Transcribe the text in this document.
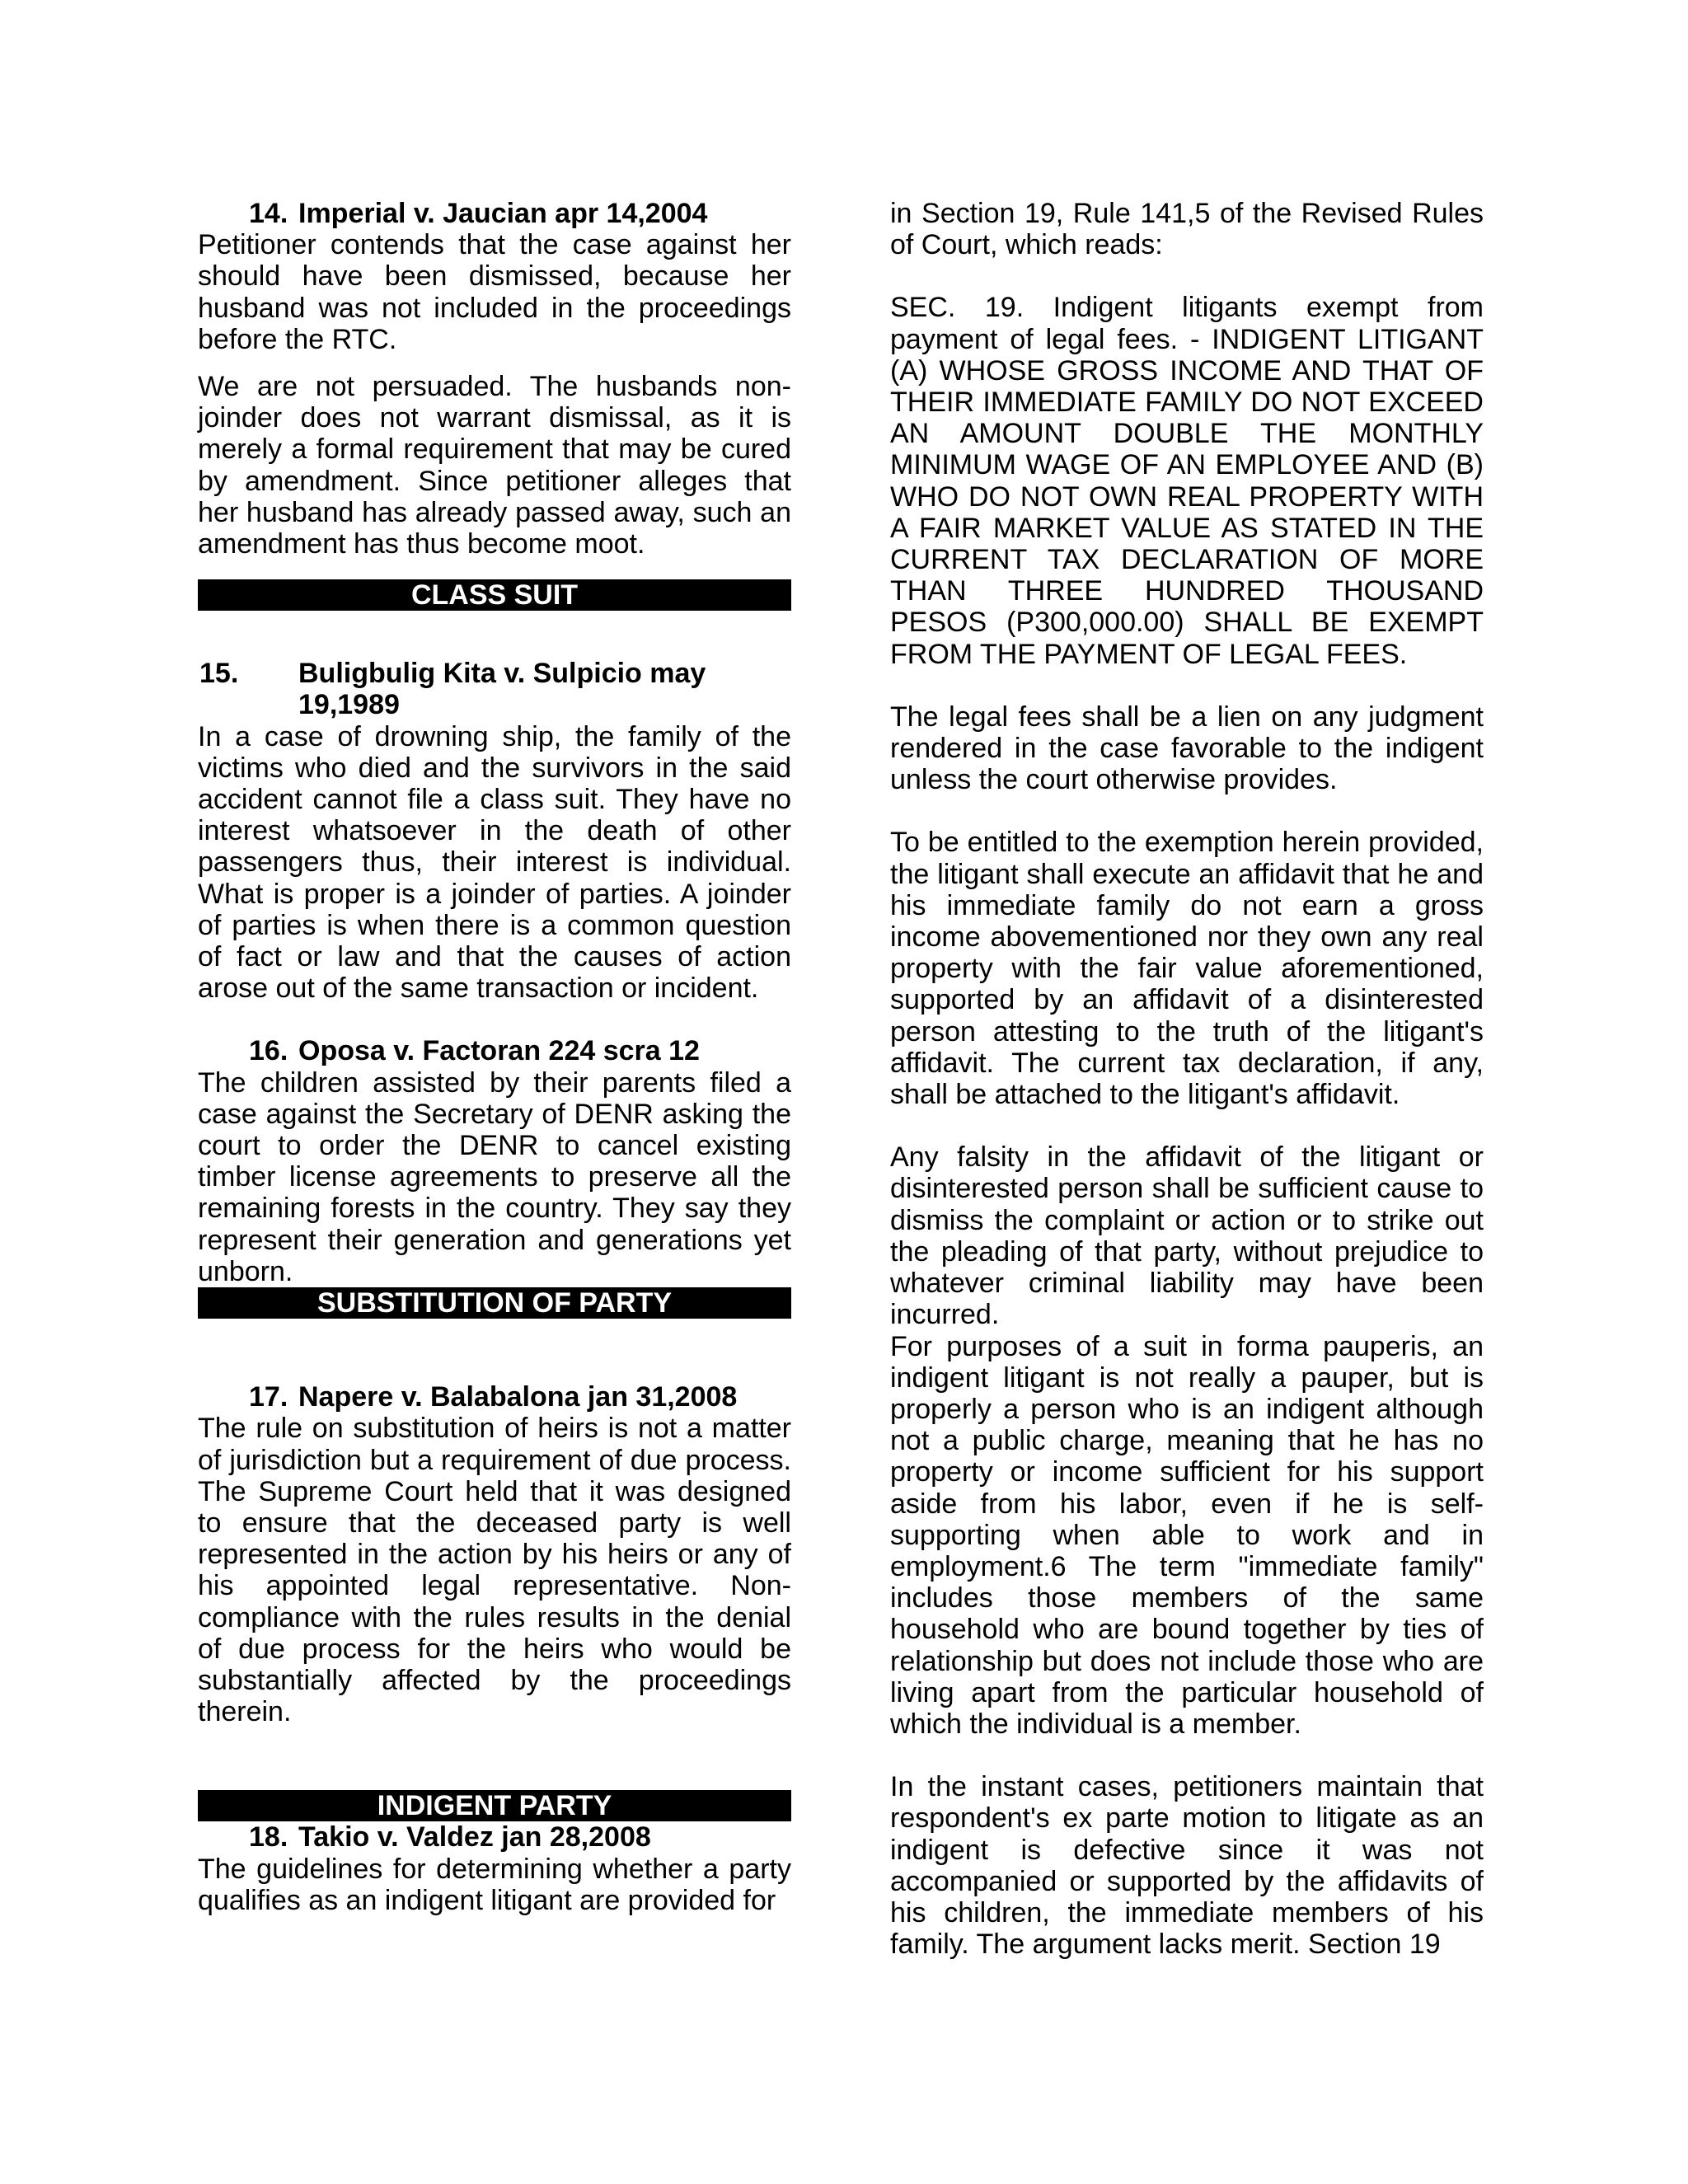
14. Imperial v. Jaucian apr 14,2004

Petitioner contends that the case against her should have been dismissed, because her husband was not included in the proceedings before the RTC.

We are not persuaded. The husbands non-joinder does not warrant dismissal, as it is merely a formal requirement that may be cured by amendment. Since petitioner alleges that her husband has already passed away, such an amendment has thus become moot.

CLASS SUIT
15. Buligbulig Kita v. Sulpicio may 19,1989

In a case of drowning ship, the family of the victims who died and the survivors in the said accident cannot file a class suit. They have no interest whatsoever in the death of other passengers thus, their interest is individual. What is proper is a joinder of parties. A joinder of parties is when there is a common question of fact or law and that the causes of action arose out of the same transaction or incident.

16. Oposa v. Factoran 224 scra 12

The children assisted by their parents filed a case against the Secretary of DENR asking the court to order the DENR to cancel existing timber license agreements to preserve all the remaining forests in the country. They say they represent their generation and generations yet unborn.

SUBSTITUTION OF PARTY
17. Napere v. Balabalona jan 31,2008

The rule on substitution of heirs is not a matter of jurisdiction but a requirement of due process. The Supreme Court held that it was designed to ensure that the deceased party is well represented in the action by his heirs or any of his appointed legal representative. Non-compliance with the rules results in the denial of due process for the heirs who would be substantially affected by the proceedings therein.

INDIGENT PARTY
18. Takio v. Valdez jan 28,2008

The guidelines for determining whether a party qualifies as an indigent litigant are provided for

in Section 19, Rule 141,5 of the Revised Rules of Court, which reads:

SEC. 19. Indigent litigants exempt from payment of legal fees. - INDIGENT LITIGANT (A) WHOSE GROSS INCOME AND THAT OF THEIR IMMEDIATE FAMILY DO NOT EXCEED AN AMOUNT DOUBLE THE MONTHLY MINIMUM WAGE OF AN EMPLOYEE AND (B) WHO DO NOT OWN REAL PROPERTY WITH A FAIR MARKET VALUE AS STATED IN THE CURRENT TAX DECLARATION OF MORE THAN THREE HUNDRED THOUSAND PESOS (P300,000.00) SHALL BE EXEMPT FROM THE PAYMENT OF LEGAL FEES.

The legal fees shall be a lien on any judgment rendered in the case favorable to the indigent unless the court otherwise provides.

To be entitled to the exemption herein provided, the litigant shall execute an affidavit that he and his immediate family do not earn a gross income abovementioned nor they own any real property with the fair value aforementioned, supported by an affidavit of a disinterested person attesting to the truth of the litigant's affidavit. The current tax declaration, if any, shall be attached to the litigant's affidavit.

Any falsity in the affidavit of the litigant or disinterested person shall be sufficient cause to dismiss the complaint or action or to strike out the pleading of that party, without prejudice to whatever criminal liability may have been incurred.

For purposes of a suit in forma pauperis, an indigent litigant is not really a pauper, but is properly a person who is an indigent although not a public charge, meaning that he has no property or income sufficient for his support aside from his labor, even if he is self-supporting when able to work and in employment.6 The term "immediate family" includes those members of the same household who are bound together by ties of relationship but does not include those who are living apart from the particular household of which the individual is a member.

In the instant cases, petitioners maintain that respondent's ex parte motion to litigate as an indigent is defective since it was not accompanied or supported by the affidavits of his children, the immediate members of his family. The argument lacks merit. Section 19
